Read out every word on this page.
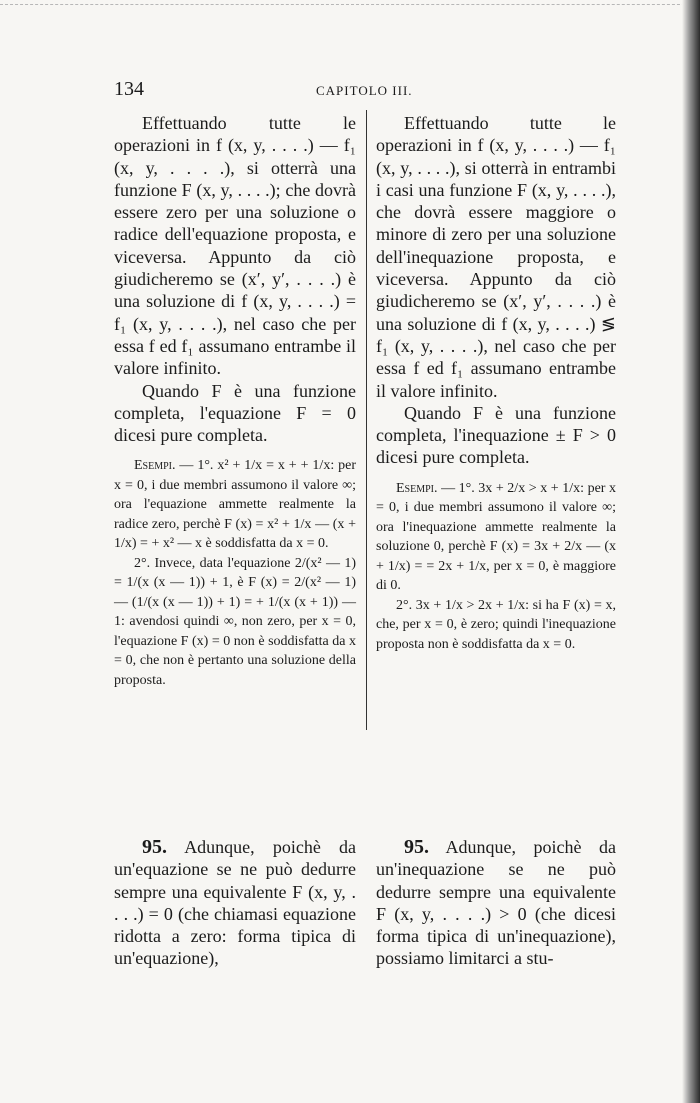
134	CAPITOLO III.

Effettuando tutte le operazioni in f (x, y, . . . .) — f₁ (x, y, . . . .), si otterrà una funzione F (x, y, . . . .); che dovrà essere zero per una soluzione o radice dell'equazione proposta, e viceversa. Appunto da ciò giudicheremo se (x′, y′, . . . .) è una soluzione di f (x, y, . . . .) = f₁ (x, y, . . . .), nel caso che per essa f ed f₁ assumano entrambe il valore infinito.

Quando F è una funzione completa, l'equazione F = 0 dicesi pure completa.

Esempi. — 1°. x² + 1/x = x + + 1/x: per x = 0, i due membri assumono il valore ∞; ora l'equazione ammette realmente la radice zero, perchè F (x) = x² + 1/x — (x + 1/x) = + x² — x è soddisfatta da x = 0.

2°. Invece, data l'equazione 2/(x² — 1) = 1/(x (x — 1)) + 1, è F (x) = 2/(x² — 1) — (1/(x (x — 1)) + 1) = + 1/(x (x + 1)) — 1: avendosi quindi ∞, non zero, per x = 0, l'equazione F (x) = 0 non è soddisfatta da x = 0, che non è pertanto una soluzione della proposta.

Effettuando tutte le operazioni in f (x, y, . . . .) — f₁ (x, y, . . . .), si otterrà in entrambi i casi una funzione F (x, y, . . . .), che dovrà essere maggiore o minore di zero per una soluzione dell'inequazione proposta, e viceversa. Appunto da ciò giudicheremo se (x′, y′, . . . .) è una soluzione di f (x, y, . . . .) ≶ f₁ (x, y, . . . .), nel caso che per essa f ed f₁ assumano entrambe il valore infinito.

Quando F è una funzione completa, l'inequazione ± F > 0 dicesi pure completa.

Esempi. — 1°. 3x + 2/x > x + 1/x: per x = 0, i due membri assumono il valore ∞; ora l'inequazione ammette realmente la soluzione 0, perchè F (x) = 3x + 2/x — (x + 1/x) = = 2x + 1/x, per x = 0, è maggiore di 0.

2°. 3x + 1/x > 2x + 1/x: si ha F (x) = x, che, per x = 0, è zero; quindi l'inequazione proposta non è soddisfatta da x = 0.

95. Adunque, poichè da un'equazione se ne può dedurre sempre una equivalente F (x, y, . . . .) = 0 (che chiamasi equazione ridotta a zero: forma tipica di un'equazione),

95. Adunque, poichè da un'inequazione se ne può dedurre sempre una equivalente F (x, y, . . . .) > 0 (che dicesi forma tipica di un'inequazione), possiamo limitarci a stu-
